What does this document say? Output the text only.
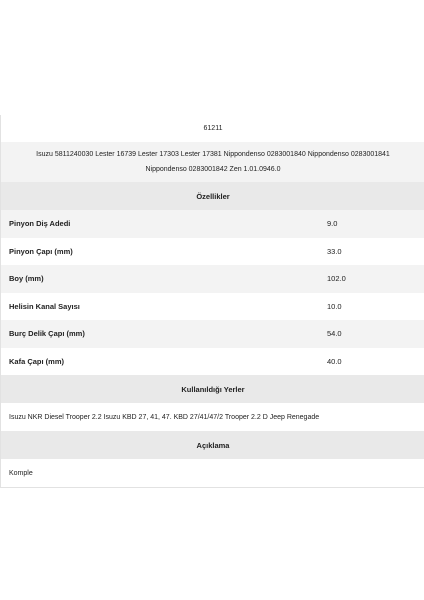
61211
Isuzu 5811240030 Lester 16739 Lester 17303 Lester 17381 Nippondenso 0283001840 Nippondenso 0283001841 Nippondenso 0283001842 Zen 1.01.0946.0
Özellikler
Pinyon Diş Adedi	9.0
Pinyon Çapı (mm)	33.0
Boy (mm)	102.0
Helisin Kanal Sayısı	10.0
Burç Delik Çapı (mm)	54.0
Kafa Çapı (mm)	40.0
Kullanıldığı Yerler
Isuzu NKR Diesel Trooper 2.2 Isuzu KBD 27, 41, 47. KBD 27/41/47/2 Trooper 2.2 D Jeep Renegade
Açıklama
Komple
